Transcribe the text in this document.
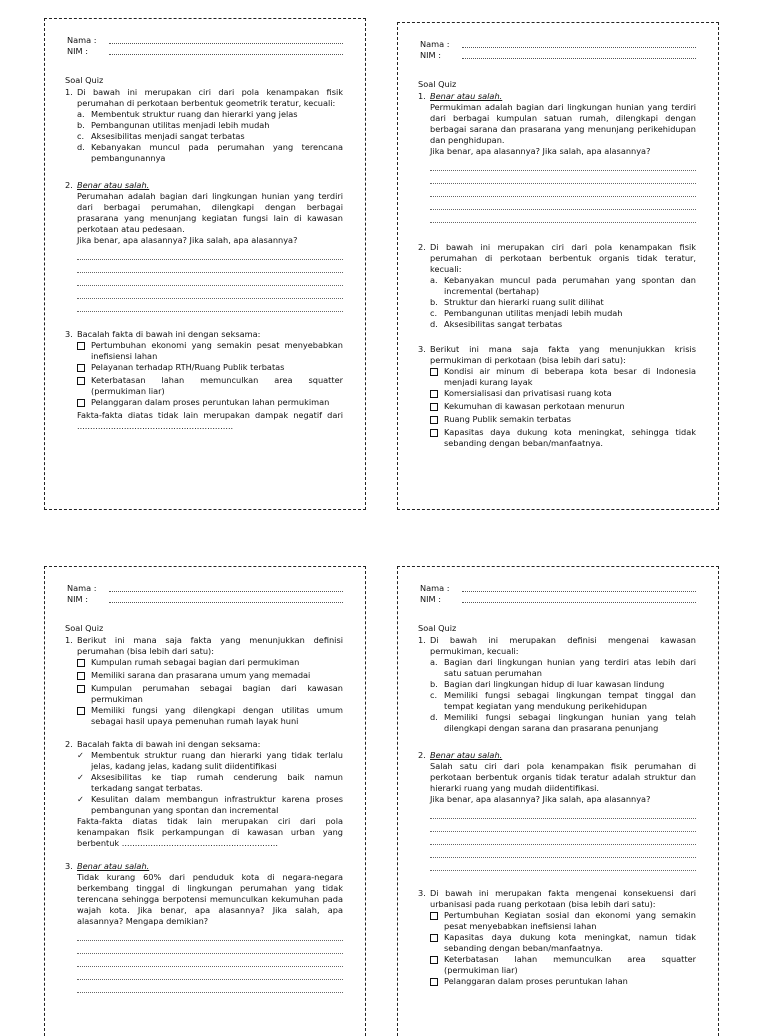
Nama :
NIM :
Soal Quiz
1. Di bawah ini merupakan ciri dari pola kenampakan fisik perumahan di perkotaan berbentuk geometrik teratur, kecuali:
a. Membentuk struktur ruang dan hierarki yang jelas
b. Pembangunan utilitas menjadi lebih mudah
c. Aksesibilitas menjadi sangat terbatas
d. Kebanyakan muncul pada perumahan yang terencana pembangunannya
2. Benar atau salah.
Perumahan adalah bagian dari lingkungan hunian yang terdiri dari berbagai perumahan, dilengkapi dengan berbagai prasarana yang menunjang kegiatan fungsi lain di kawasan perkotaan atau pedesaan.
Jika benar, apa alasannya? Jika salah, apa alasannya?
3. Bacalah fakta di bawah ini dengan seksama:
Pertumbuhan ekonomi yang semakin pesat menyebabkan inefisiensi lahan
Pelayanan terhadap RTH/Ruang Publik terbatas
Keterbatasan lahan memunculkan area squatter (permukiman liar)
Pelanggaran dalam proses peruntukan lahan permukiman
Fakta-fakta diatas tidak lain merupakan dampak negatif dari ............................................................
Nama :
NIM :
Soal Quiz
1. Benar atau salah.
Permukiman adalah bagian dari lingkungan hunian yang terdiri dari berbagai kumpulan satuan rumah, dilengkapi dengan berbagai sarana dan prasarana yang menunjang perikehidupan dan penghidupan.
Jika benar, apa alasannya? Jika salah, apa alasannya?
2. Di bawah ini merupakan ciri dari pola kenampakan fisik perumahan di perkotaan berbentuk organis tidak teratur, kecuali:
a. Kebanyakan muncul pada perumahan yang spontan dan incremental (bertahap)
b. Struktur dan hierarki ruang sulit dilihat
c. Pembangunan utilitas menjadi lebih mudah
d. Aksesibilitas sangat terbatas
3. Berikut ini mana saja fakta yang menunjukkan krisis permukiman di perkotaan (bisa lebih dari satu):
Kondisi air minum di beberapa kota besar di Indonesia menjadi kurang layak
Komersialisasi dan privatisasi ruang kota
Kekumuhan di kawasan perkotaan menurun
Ruang Publik semakin terbatas
Kapasitas daya dukung kota meningkat, sehingga tidak sebanding dengan beban/manfaatnya.
Nama :
NIM :
Soal Quiz
1. Berikut ini mana saja fakta yang menunjukkan definisi perumahan (bisa lebih dari satu):
Kumpulan rumah sebagai bagian dari permukiman
Memiliki sarana dan prasarana umum yang memadai
Kumpulan perumahan sebagai bagian dari kawasan permukiman
Memiliki fungsi yang dilengkapi dengan utilitas umum sebagai hasil upaya pemenuhan rumah layak huni
2. Bacalah fakta di bawah ini dengan seksama:
✓ Membentuk struktur ruang dan hierarki yang tidak terlalu jelas, kadang jelas, kadang sulit diidentifikasi
✓ Aksesibilitas ke tiap rumah cenderung baik namun terkadang sangat terbatas.
✓ Kesulitan dalam membangun infrastruktur karena proses pembangunan yang spontan dan incremental
Fakta-fakta diatas tidak lain merupakan ciri dari pola kenampakan fisik perkampungan di kawasan urban yang berbentuk ............................................................
3. Benar atau salah.
Tidak kurang 60% dari penduduk kota di negara-negara berkembang tinggal di lingkungan perumahan yang tidak terencana sehingga berpotensi memunculkan kekumuhan pada wajah kota. Jika benar, apa alasannya? Jika salah, apa alasannya? Mengapa demikian?
Nama :
NIM :
Soal Quiz
1. Di bawah ini merupakan definisi mengenai kawasan permukiman, kecuali:
a. Bagian dari lingkungan hunian yang terdiri atas lebih dari satu satuan perumahan
b. Bagian dari lingkungan hidup di luar kawasan lindung
c. Memiliki fungsi sebagai lingkungan tempat tinggal dan tempat kegiatan yang mendukung perikehidupan
d. Memiliki fungsi sebagai lingkungan hunian yang telah dilengkapi dengan sarana dan prasarana penunjang
2. Benar atau salah.
Salah satu ciri dari pola kenampakan fisik perumahan di perkotaan berbentuk organis tidak teratur adalah struktur dan hierarki ruang yang mudah diidentifikasi.
Jika benar, apa alasannya? Jika salah, apa alasannya?
3. Di bawah ini merupakan fakta mengenai konsekuensi dari urbanisasi pada ruang perkotaan (bisa lebih dari satu):
Pertumbuhan Kegiatan sosial dan ekonomi yang semakin pesat menyebabkan inefisiensi lahan
Kapasitas daya dukung kota meningkat, namun tidak sebanding dengan beban/manfaatnya.
Keterbatasan lahan memunculkan area squatter (permukiman liar)
Pelanggaran dalam proses peruntukan lahan
